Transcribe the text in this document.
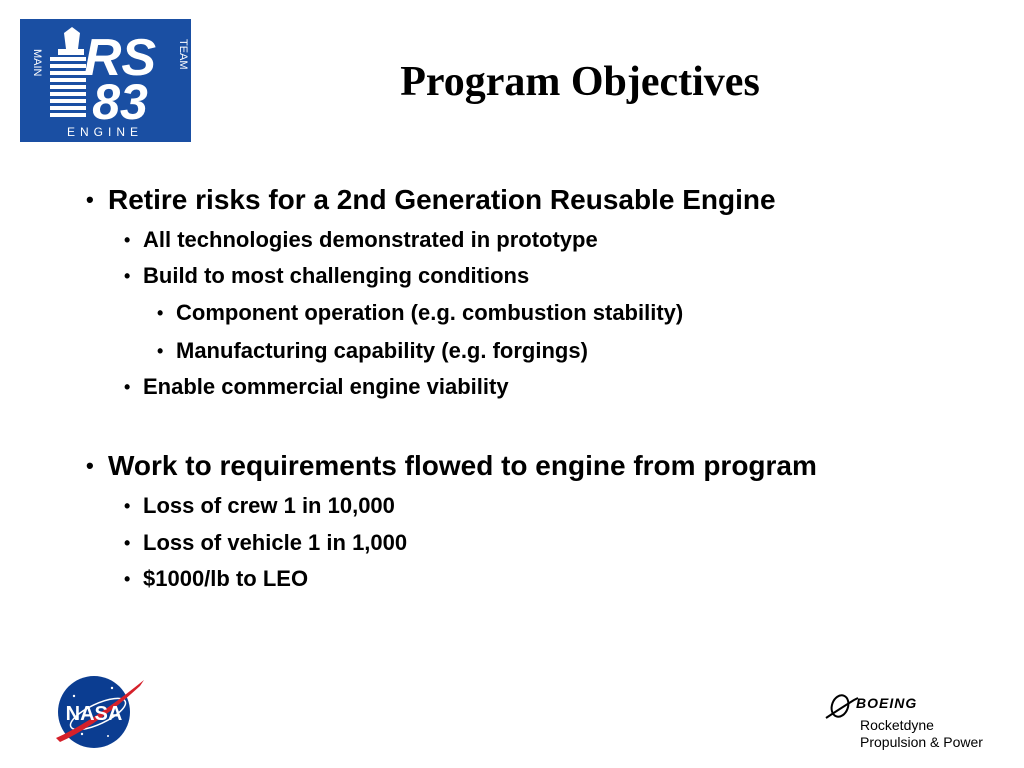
RS
83
MAIN	TEAM
ENGINE
Program Objectives
• Retire risks for a 2nd Generation Reusable Engine
• All technologies demonstrated in prototype
• Build to most challenging conditions
• Component operation (e.g. combustion stability)
• Manufacturing capability (e.g. forgings)
• Enable commercial engine viability
• Work to requirements flowed to engine from program
• Loss of crew 1 in 10,000
• Loss of vehicle 1 in 1,000
• $1000/lb to LEO
NASA	BOEING
Rocketdyne
Propulsion & Power
